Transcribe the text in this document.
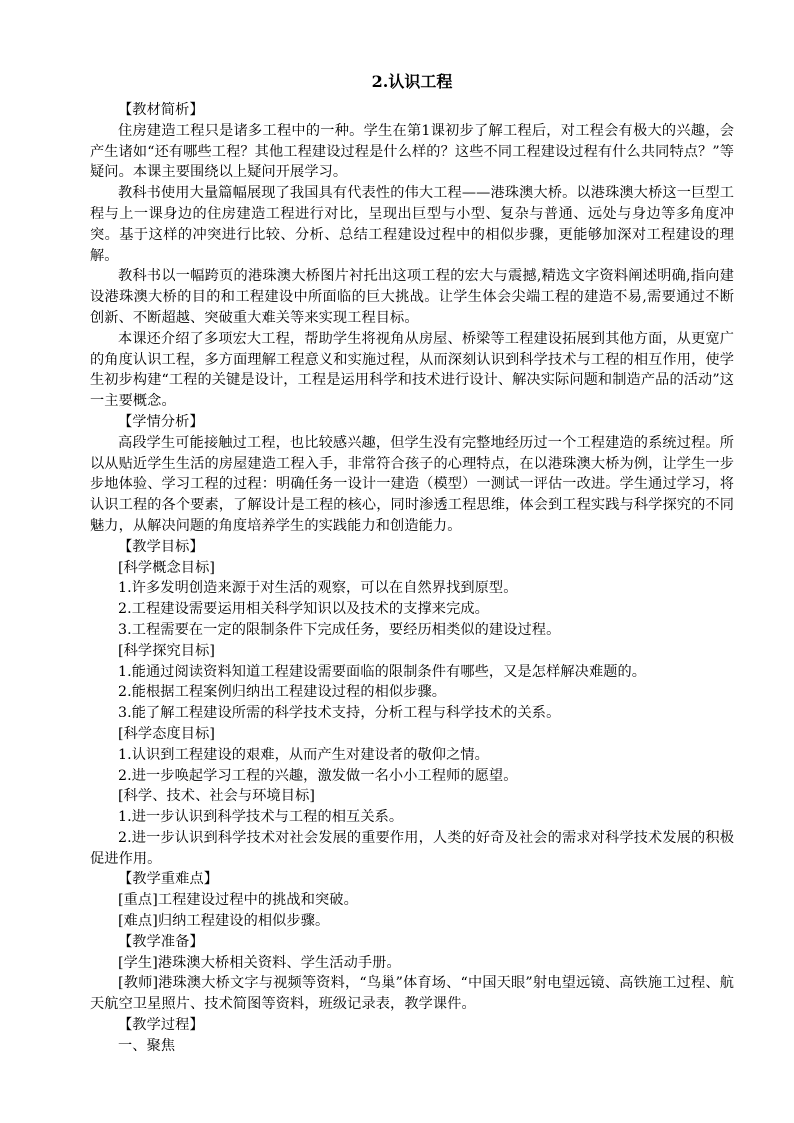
2.认识工程

【教材简析】

住房建造工程只是诸多工程中的一种。学生在第1课初步了解工程后，对工程会有极大的兴趣，会产生诸如“还有哪些工程？其他工程建设过程是什么样的？这些不同工程建设过程有什么共同特点？”等疑问。本课主要围绕以上疑问开展学习。

教科书使用大量篇幅展现了我国具有代表性的伟大工程——港珠澳大桥。以港珠澳大桥这一巨型工程与上一课身边的住房建造工程进行对比，呈现出巨型与小型、复杂与普通、远处与身边等多角度冲突。基于这样的冲突进行比较、分析、总结工程建设过程中的相似步骤，更能够加深对工程建设的理解。

教科书以一幅跨页的港珠澳大桥图片衬托出这项工程的宏大与震撼,精选文字资料阐述明确,指向建设港珠澳大桥的目的和工程建设中所面临的巨大挑战。让学生体会尖端工程的建造不易,需要通过不断创新、不断超越、突破重大难关等来实现工程目标。

本课还介绍了多项宏大工程，帮助学生将视角从房屋、桥梁等工程建设拓展到其他方面，从更宽广的角度认识工程，多方面理解工程意义和实施过程，从而深刻认识到科学技术与工程的相互作用，使学生初步构建“工程的关键是设计，工程是运用科学和技术进行设计、解决实际问题和制造产品的活动”这一主要概念。

【学情分析】

高段学生可能接触过工程，也比较感兴趣，但学生没有完整地经历过一个工程建造的系统过程。所以从贴近学生生活的房屋建造工程入手，非常符合孩子的心理特点，在以港珠澳大桥为例，让学生一步步地体验、学习工程的过程：明确任务一设计一建造（模型）一测试一评估一改进。学生通过学习，将认识工程的各个要素，了解设计是工程的核心，同时渗透工程思维，体会到工程实践与科学探究的不同魅力，从解决问题的角度培养学生的实践能力和创造能力。

【教学目标】

[科学概念目标]

1.许多发明创造来源于对生活的观察，可以在自然界找到原型。

2.工程建设需要运用相关科学知识以及技术的支撑来完成。

3.工程需要在一定的限制条件下完成任务，要经历相类似的建设过程。

[科学探究目标]

1.能通过阅读资料知道工程建设需要面临的限制条件有哪些，又是怎样解决难题的。

2.能根据工程案例归纳出工程建设过程的相似步骤。

3.能了解工程建设所需的科学技术支持，分析工程与科学技术的关系。

[科学态度目标]

1.认识到工程建设的艰难，从而产生对建设者的敬仰之情。

2.进一步唤起学习工程的兴趣，激发做一名小小工程师的愿望。

[科学、技术、社会与环境目标]

1.进一步认识到科学技术与工程的相互关系。

2.进一步认识到科学技术对社会发展的重要作用，人类的好奇及社会的需求对科学技术发展的积极促进作用。

【教学重难点】

[重点]工程建设过程中的挑战和突破。

[难点]归纳工程建设的相似步骤。

【教学准备】

[学生]港珠澳大桥相关资料、学生活动手册。

[教师]港珠澳大桥文字与视频等资料，“鸟巢”体育场、“中国天眼”射电望远镜、高铁施工过程、航天航空卫星照片、技术简图等资料，班级记录表，教学课件。

【教学过程】

一、聚焦
